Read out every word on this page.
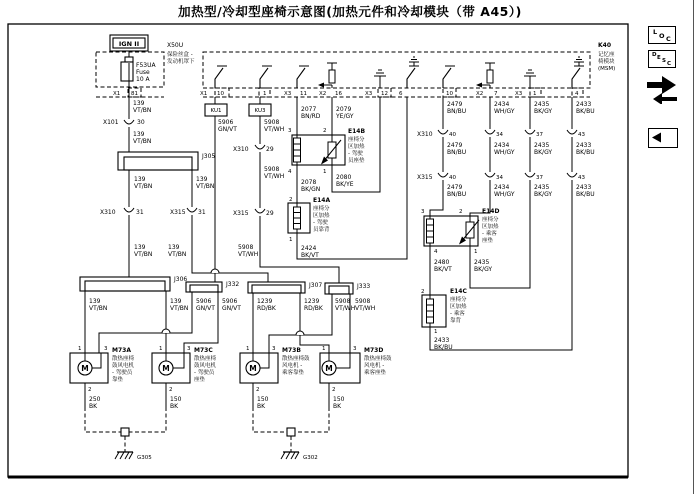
加热型/冷却型座椅示意图(加热元件和冷却模块（带 A45）)
M	M	M	M
IGN II	X50U
保险丝盒 -
发动机罩下
F53UA
Fuse
10 A
X1 81
139
VT/BN
X101	30
J305
139
VT/BN
139
VT/BN
139
VT/BN
X310	31	X315 31
139
VT/BN
139
VT/BN
K40
记忆座
椅模块
(MSM)
X1 10	1	X3 11 X2 16	X3 12 6	10	X2 7	X3 1	4
KU1	KU3
5906
GN/VT
5908
VT/WH
X310	29
5908
VT/WH
X315	29
5908
VT/WH
2077
BN/RD
2079
YE/GY
3	2	E14B
座椅分
区加热
- 驾驶
员座垫
4	1
2078
BK/GN
2080
BK/YE
2	E14A
座椅分
区加热
- 驾驶
员靠背
1
2424
BK/VT
2479
BN/BU
2434
WH/GY
2435
BK/GY
2433
BK/BU
X310	40	34	37	43
2479
BN/BU
2434
WH/GY
2435
BK/GY
2433
BK/BU
X315	40	34	37	43
2479
BN/BU
2434
WH/GY
2435
BK/GY
2433
BK/BU
3	2	E14D
座椅分
区加热
- 乘客
座垫
4	1
2480
BK/VT
2435
BK/GY
2	E14C
座椅分
区加热
- 乘客
靠背
1
2433
BK/BU
J306
J332	J307	J333
139
VT/BN
139
VT/BN
5906
GN/VT
5906
GN/VT
1239
RD/BK
1239
RD/BK
5908
VT/WH
5908
VT/WH
1	3 M73A
散热座椅
鼓风电机
- 驾驶员
靠垫
2
250
BK
1	3 M73C
散热座椅
鼓风电机
- 驾驶员
座垫
2
150
BK
1	3 M73B
散热座椅鼓
风电机 -
乘客靠垫
2
150
BK
1	3 M73D
散热座椅鼓
风电机 -
乘客座垫
2
150
BK
G305	G302
L O C
D E S C
